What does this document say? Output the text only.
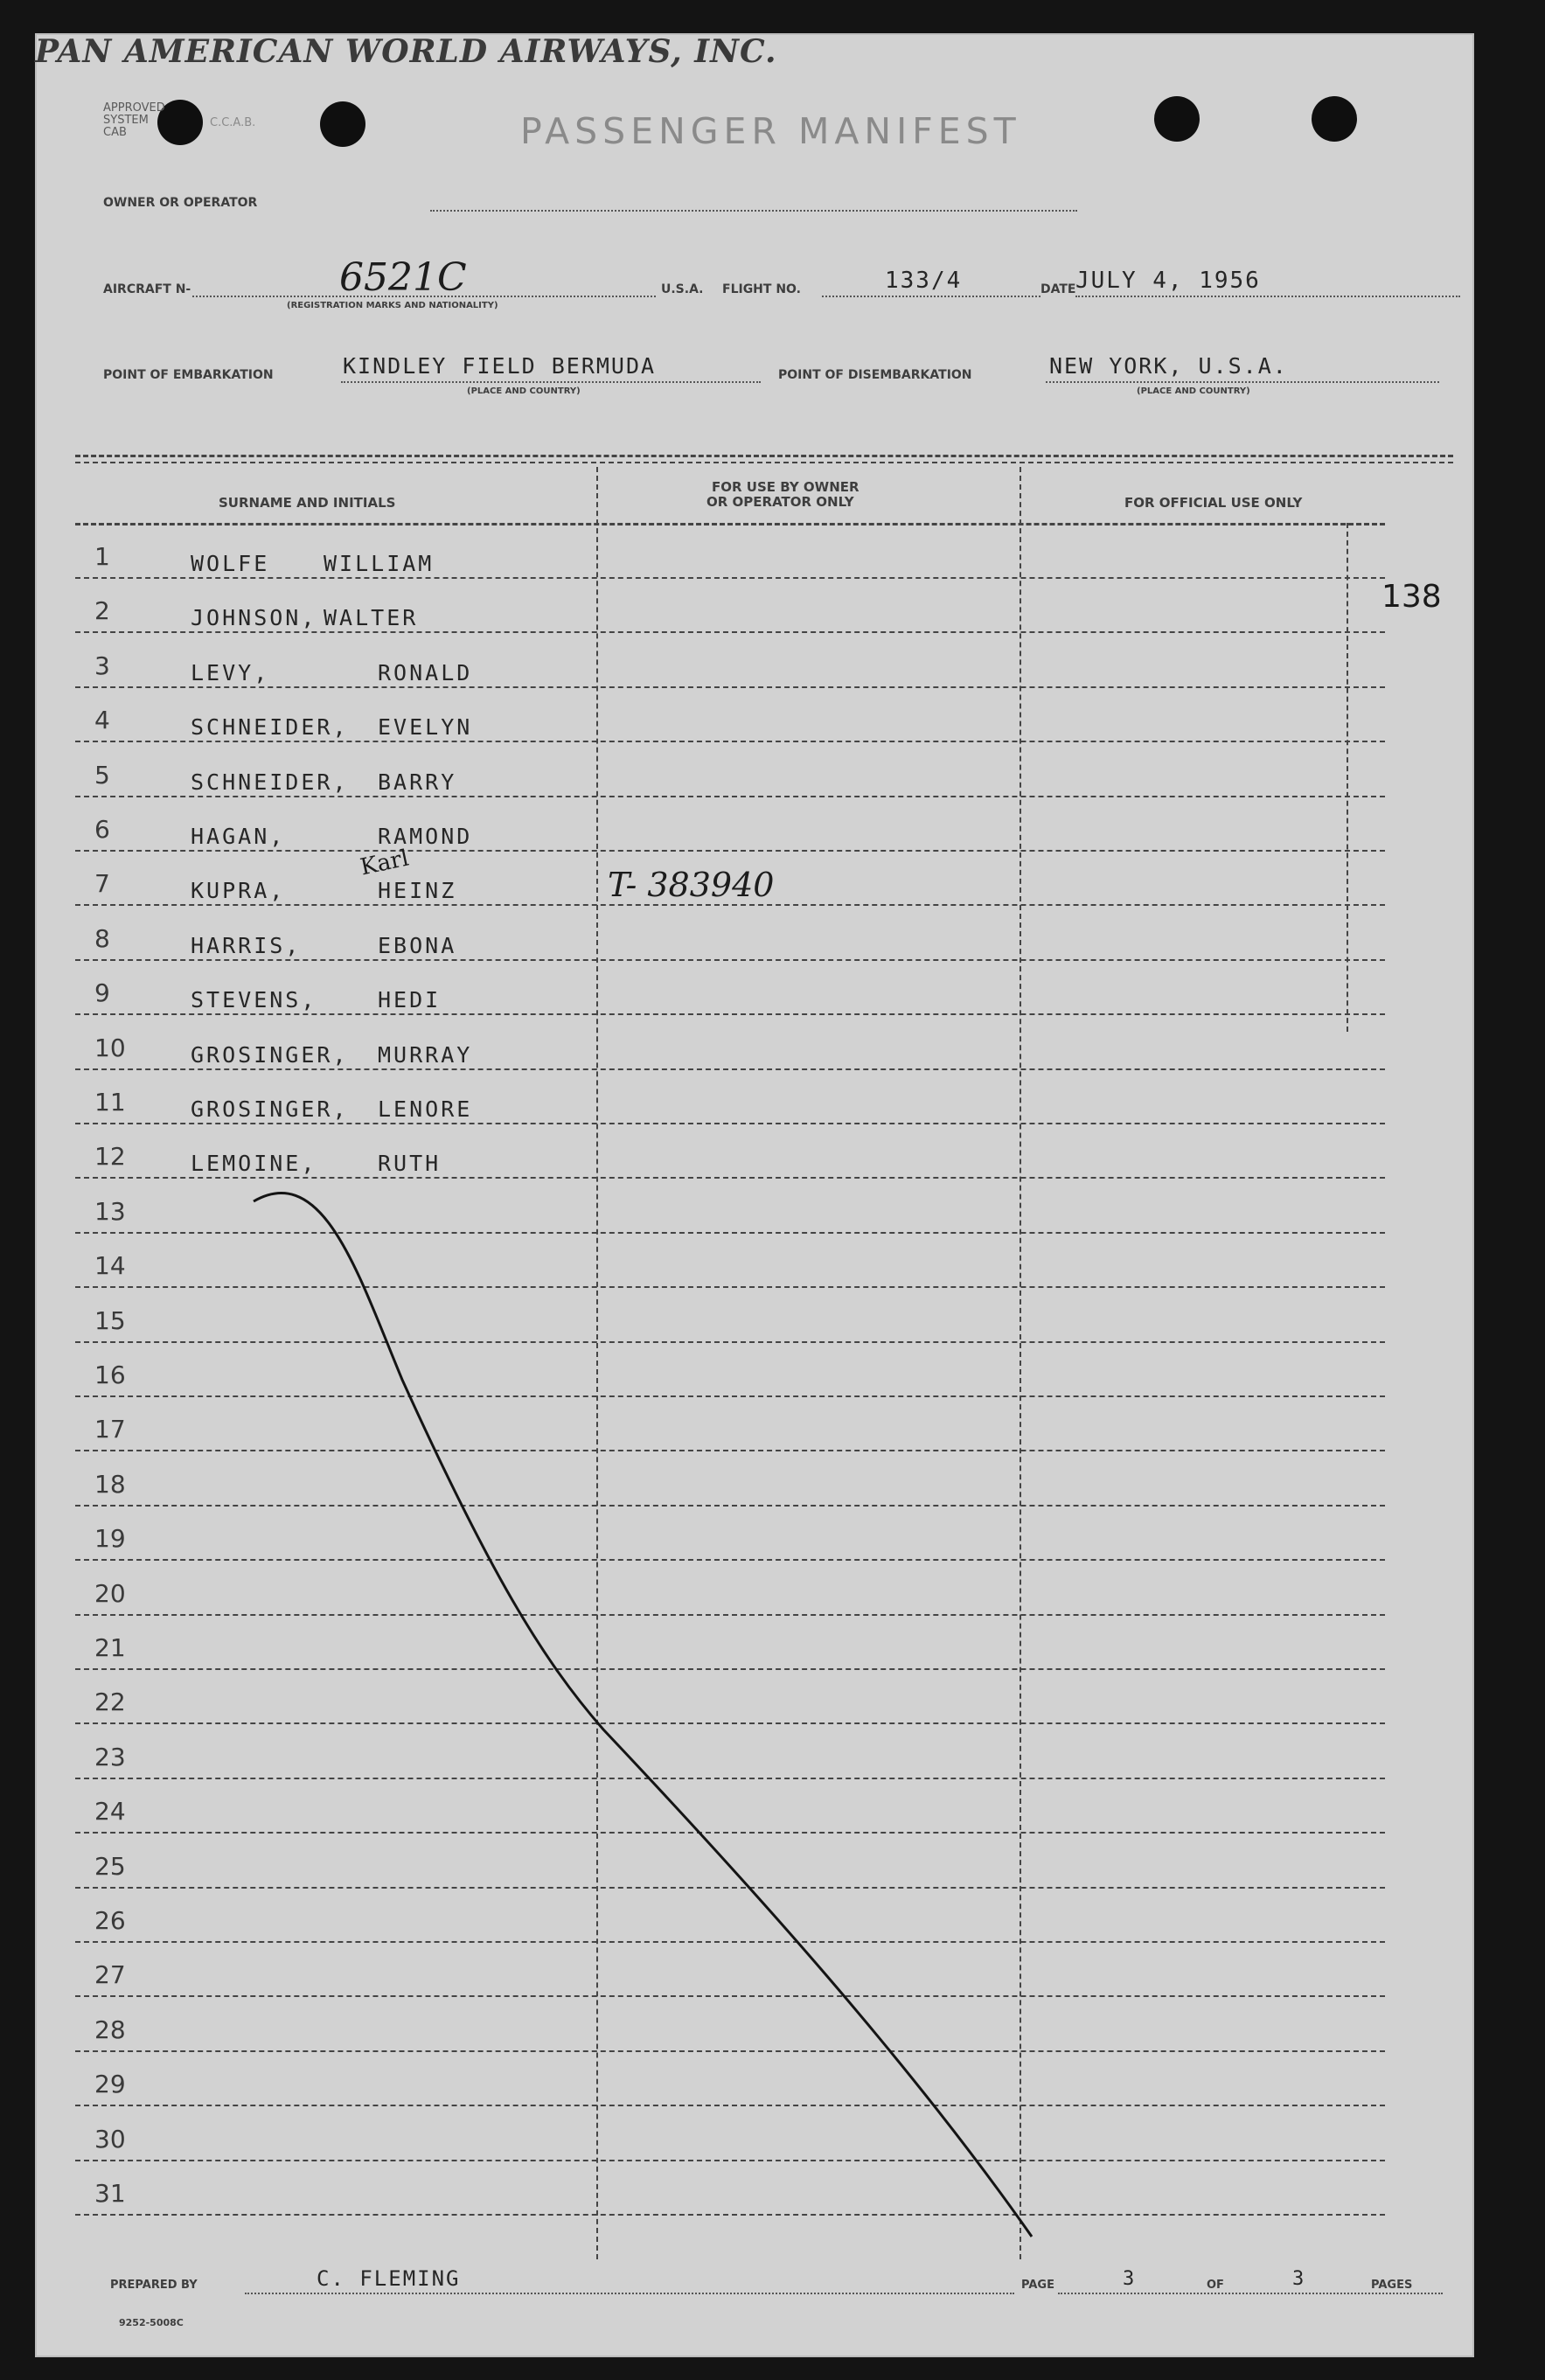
APPROVED
SYSTEM	C.C.A.B.
CAB	PASSENGER MANIFEST
OWNER OR OPERATOR
PAN AMERICAN WORLD AIRWAYS, INC.
AIRCRAFT N-	6521C
(REGISTRATION MARKS AND NATIONALITY)
U.S.A. FLIGHT NO.	133/4	DATE JULY 4, 1956
POINT OF EMBARKATION	KINDLEY FIELD BERMUDA
(PLACE AND COUNTRY)
POINT OF DISEMBARKATION	NEW YORK, U.S.A.
(PLACE AND COUNTRY)
SURNAME AND INITIALS
FOR USE BY OWNER
OR OPERATOR ONLY	FOR OFFICIAL USE ONLY
138
1	WOLFE WILLIAM
2	JOHNSON, WALTER
3	LEVY,	RONALD
4	SCHNEIDER, EVELYN
5	SCHNEIDER, BARRY
6	HAGAN,	RAMOND
7	KUPRA,	HEINZ
Karl
T- 383940
8	HARRIS,	EBONA
9	STEVENS,	HEDI
10	GROSINGER, MURRAY
11	GROSINGER, LENORE
12	LEMOINE,	RUTH
13
14
15
16
17
18
19
20
21
22
23
24
25
26
27
28
29
30
31
PREPARED BY	C. FLEMING	PAGE	3	OF	3	PAGES
9252-5008C
